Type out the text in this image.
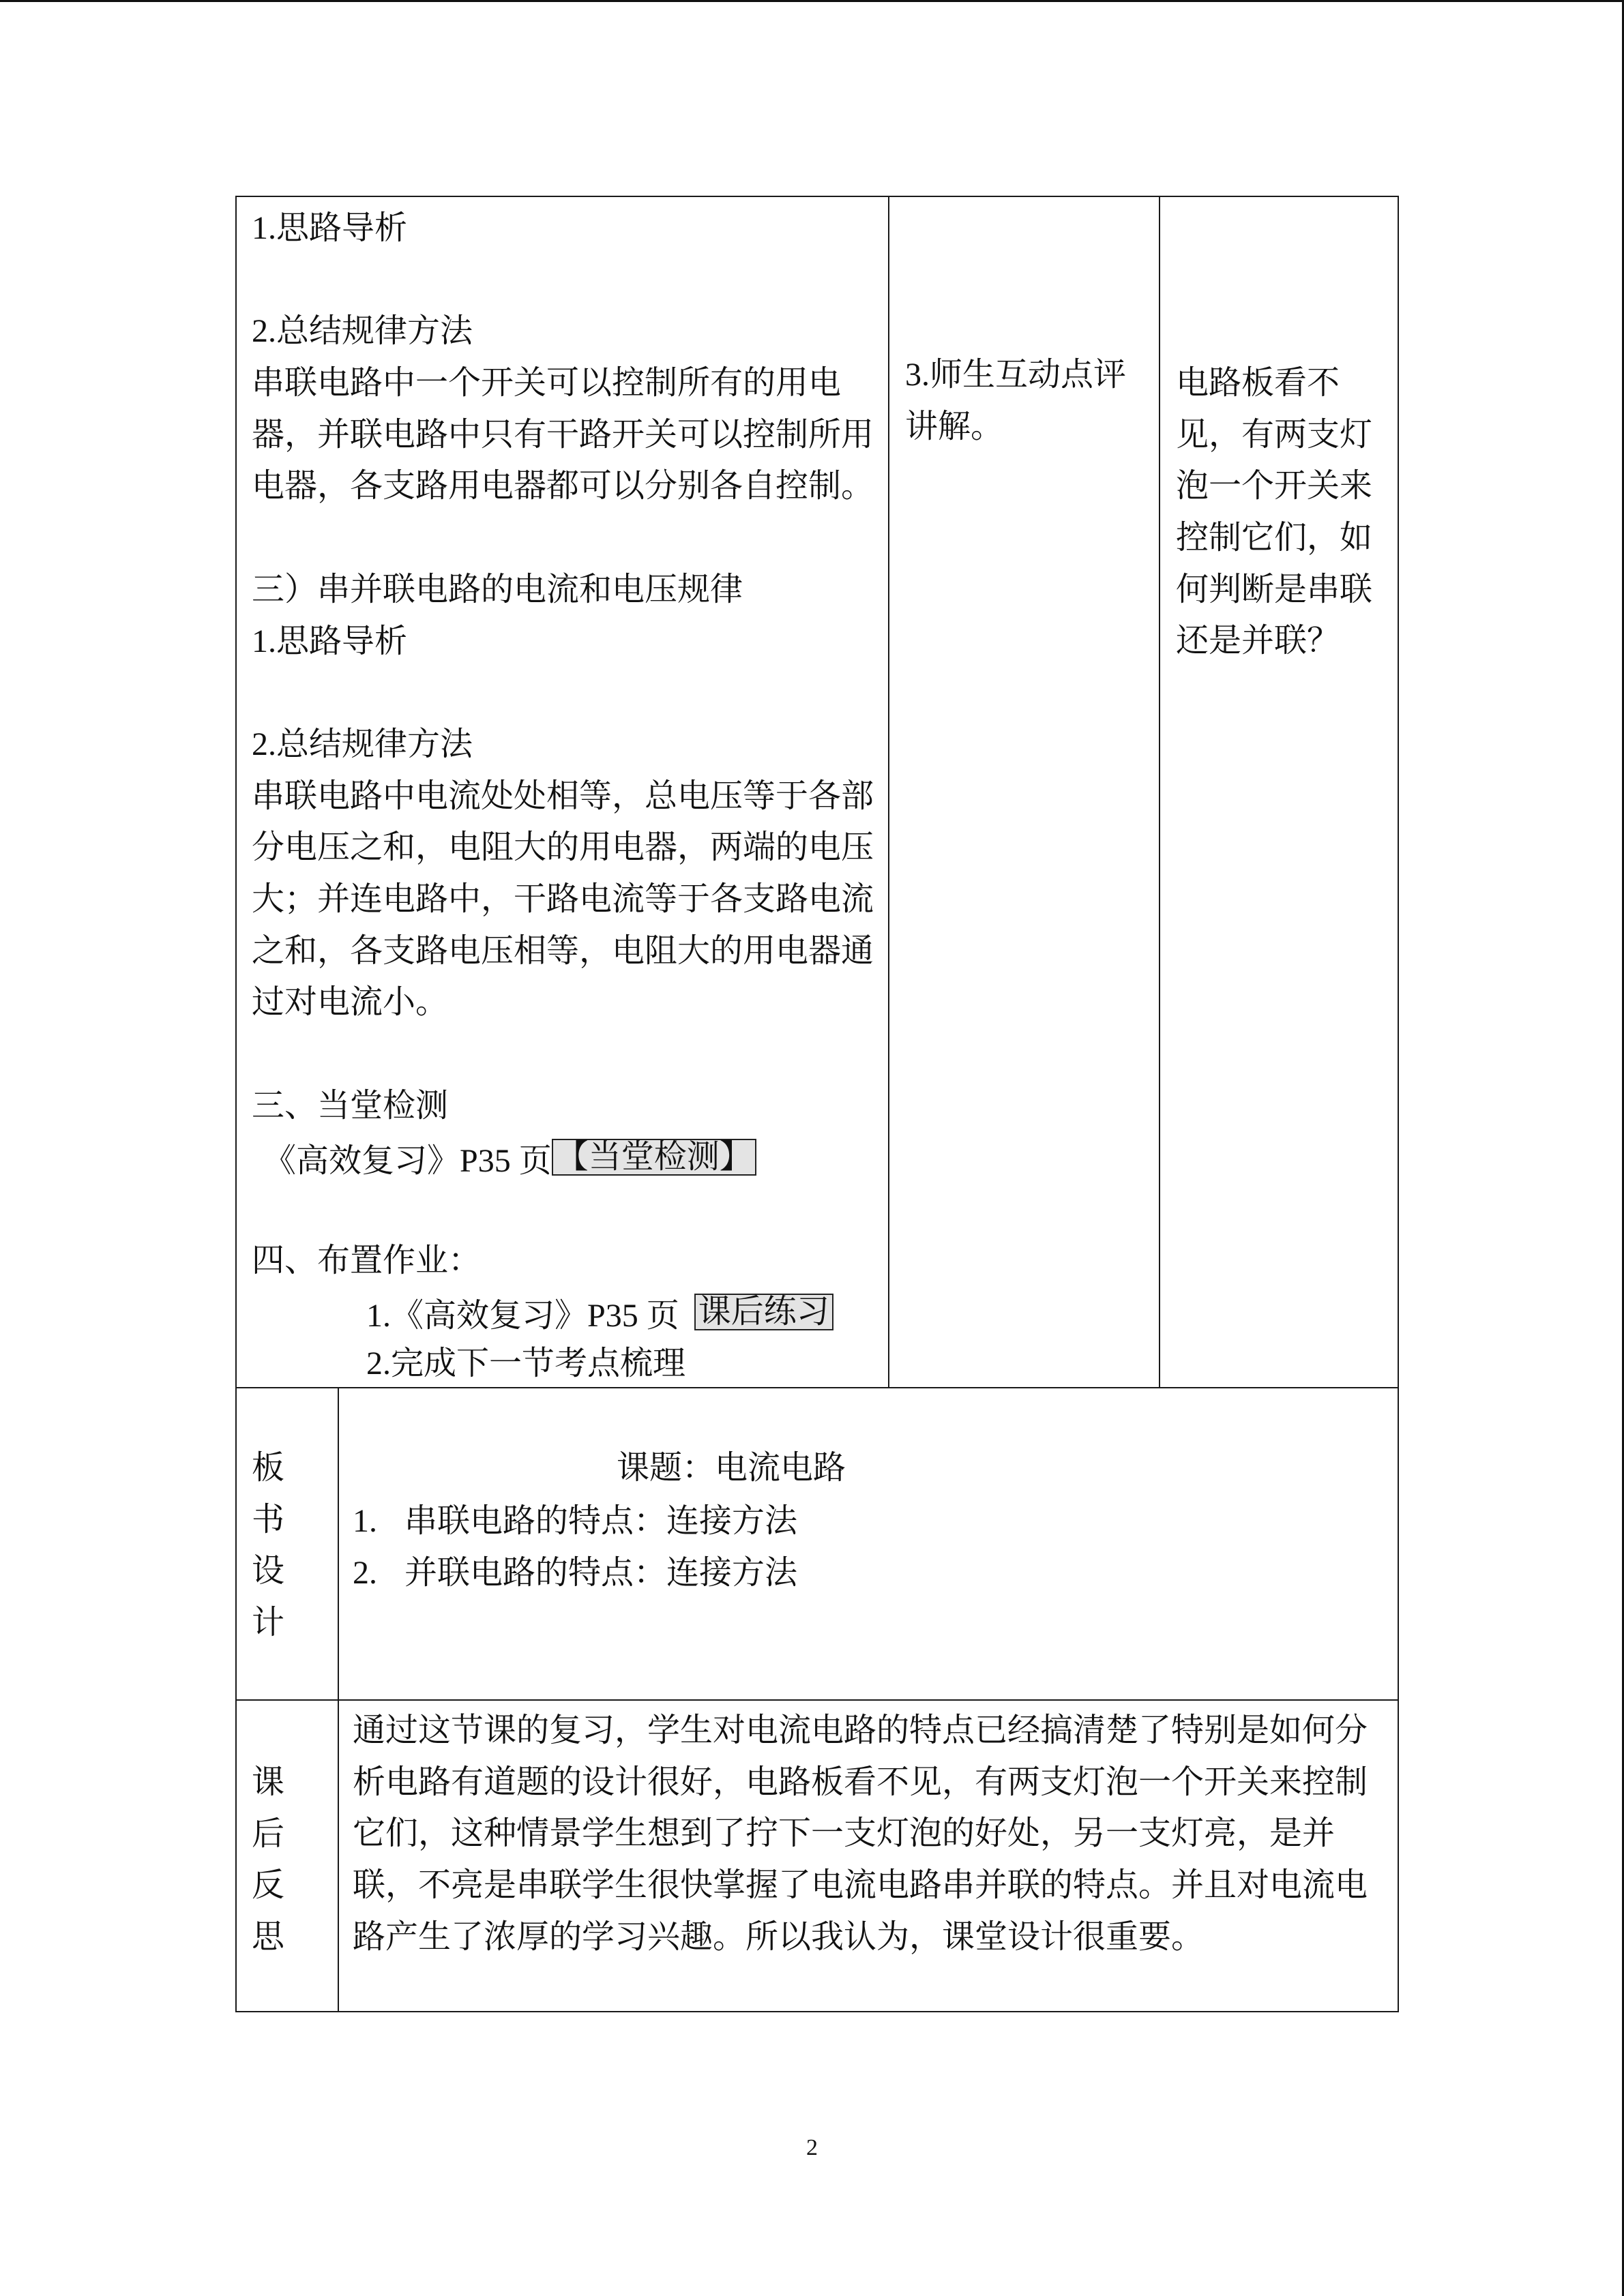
1.思路导析
2.总结规律方法
串联电路中一个开关可以控制所有的用电
器，并联电路中只有干路开关可以控制所用
电器，各支路用电器都可以分别各自控制。
三）串并联电路的电流和电压规律
1.思路导析
2.总结规律方法
串联电路中电流处处相等，总电压等于各部
分电压之和，电阻大的用电器，两端的电压
大；并连电路中，干路电流等于各支路电流
之和，各支路电压相等，电阻大的用电器通
过对电流小。
三、当堂检测
《高效复习》P35 页 【当堂检测】
四、布置作业：
1.《高效复习》P35 页 课后练习
2.完成下一节考点梳理
3.师生互动点评
讲解。
电路板看不
见，有两支灯
泡一个开关来
控制它们，如
何判断是串联
还是并联？
板
书
设
计
课题：电流电路
1. 串联电路的特点：连接方法
2. 并联电路的特点：连接方法
课
后
反
思
通过这节课的复习，学生对电流电路的特点已经搞清楚了特别是如何分
析电路有道题的设计很好，电路板看不见，有两支灯泡一个开关来控制
它们，这种情景学生想到了拧下一支灯泡的好处，另一支灯亮，是并
联，不亮是串联学生很快掌握了电流电路串并联的特点。并且对电流电
路产生了浓厚的学习兴趣。所以我认为，课堂设计很重要。
2
